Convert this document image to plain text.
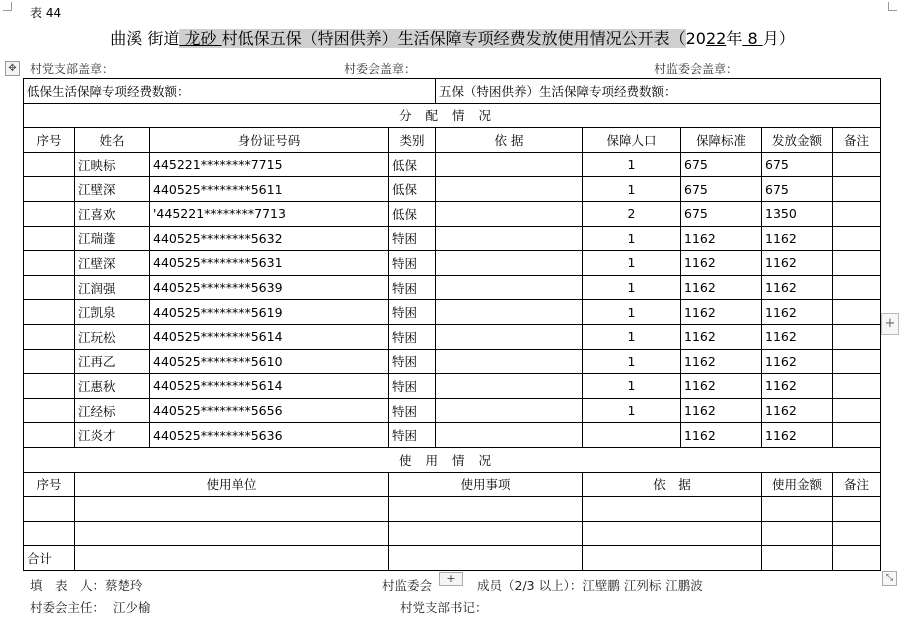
表 44
曲溪 街道 龙砂 村低保五保（特困供养）生活保障专项经费发放使用情况公开表（2022年 8 月）
✥ 村党支部盖章：	村委会盖章：	村监委会盖章：
低保生活保障专项经费数额：				五保（特困供养）生活保障专项经费数额：				
分配情况								
序号	姓名	身份证号码	类别	依 据	保障人口	保障标准	发放金额	备注
	江映标	445221********7715	低保		1	675	675	
	江壁深	440525********5611	低保		1	675	675	
	江喜欢	'445221********7713	低保		2	675	1350	
	江瑞蓬	440525********5632	特困		1	1162	1162	
	江壁深	440525********5631	特困		1	1162	1162	
	江润强	440525********5639	特困		1	1162	1162	
	江凯泉	440525********5619	特困		1	1162	1162	
	江玩松	440525********5614	特困		1	1162	1162	
	江再乙	440525********5610	特困		1	1162	1162	
	江惠秋	440525********5614	特困		1	1162	1162	
	江经标	440525********5656	特困		1	1162	1162	
	江炎才	440525********5636	特困			1162	1162	
使用情况								
序号	使用单位		使用事项		依　据		使用金额	备注

合计								
填　表　人：蔡楚玲	村监委会	成员（2/3 以上）：江壁鹏 江列标 江鹏波
村委会主任： 江少榆	村党支部书记：
+
+	⤡
